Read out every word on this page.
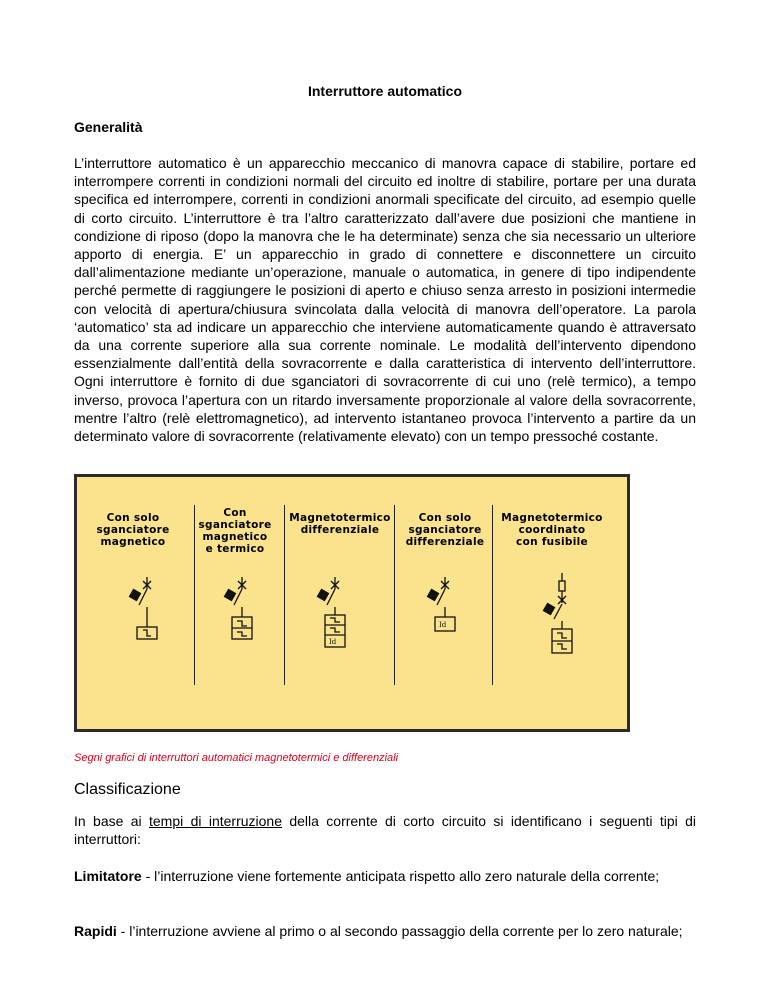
Interruttore automatico
Generalità
L’interruttore automatico è un apparecchio meccanico di manovra capace di stabilire, portare ed interrompere correnti in condizioni normali del circuito ed inoltre di stabilire, portare per una durata specifica ed interrompere, correnti in condizioni anormali specificate del circuito, ad esempio quelle di corto circuito. L’interruttore è tra l’altro caratterizzato dall’avere due posizioni che mantiene in condizione di riposo (dopo la manovra che le ha determinate) senza che sia necessario un ulteriore apporto di energia. E’ un apparecchio in grado di connettere e disconnettere un circuito dall’alimentazione mediante un’operazione, manuale o automatica, in genere di tipo indipendente perché permette di raggiungere le posizioni di aperto e chiuso senza arresto in posizioni intermedie con velocità di apertura/chiusura svincolata dalla velocità di manovra dell’operatore. La parola ‘automatico’ sta ad indicare un apparecchio che interviene automaticamente quando è attraversato da una corrente superiore alla sua corrente nominale. Le modalità dell’intervento dipendono essenzialmente dall’entità della sovracorrente e dalla caratteristica di intervento dell’interruttore. Ogni interruttore è fornito di due sganciatori di sovracorrente di cui uno (relè termico), a tempo inverso, provoca l’apertura con un ritardo inversamente proporzionale al valore della sovracorrente, mentre l’altro (relè elettromagnetico), ad intervento istantaneo provoca l’intervento a partire da un determinato valore di sovracorrente (relativamente elevato) con un tempo pressoché costante.
Con solo
sganciatore
magnetico
Con
sganciatore
magnetico
e termico
Magnetotermico
differenziale
Con solo
sganciatore
differenziale
Magnetotermico
coordinato
con fusibile
Id
Id
Segni grafici di interruttori automatici magnetotermici e differenziali
Classificazione
In base ai tempi di interruzione della corrente di corto circuito si identificano i seguenti tipi di interruttori:
Limitatore - l’interruzione viene fortemente anticipata rispetto allo zero naturale della corrente;
Rapidi - l’interruzione avviene al primo o al secondo passaggio della corrente per lo zero naturale;
